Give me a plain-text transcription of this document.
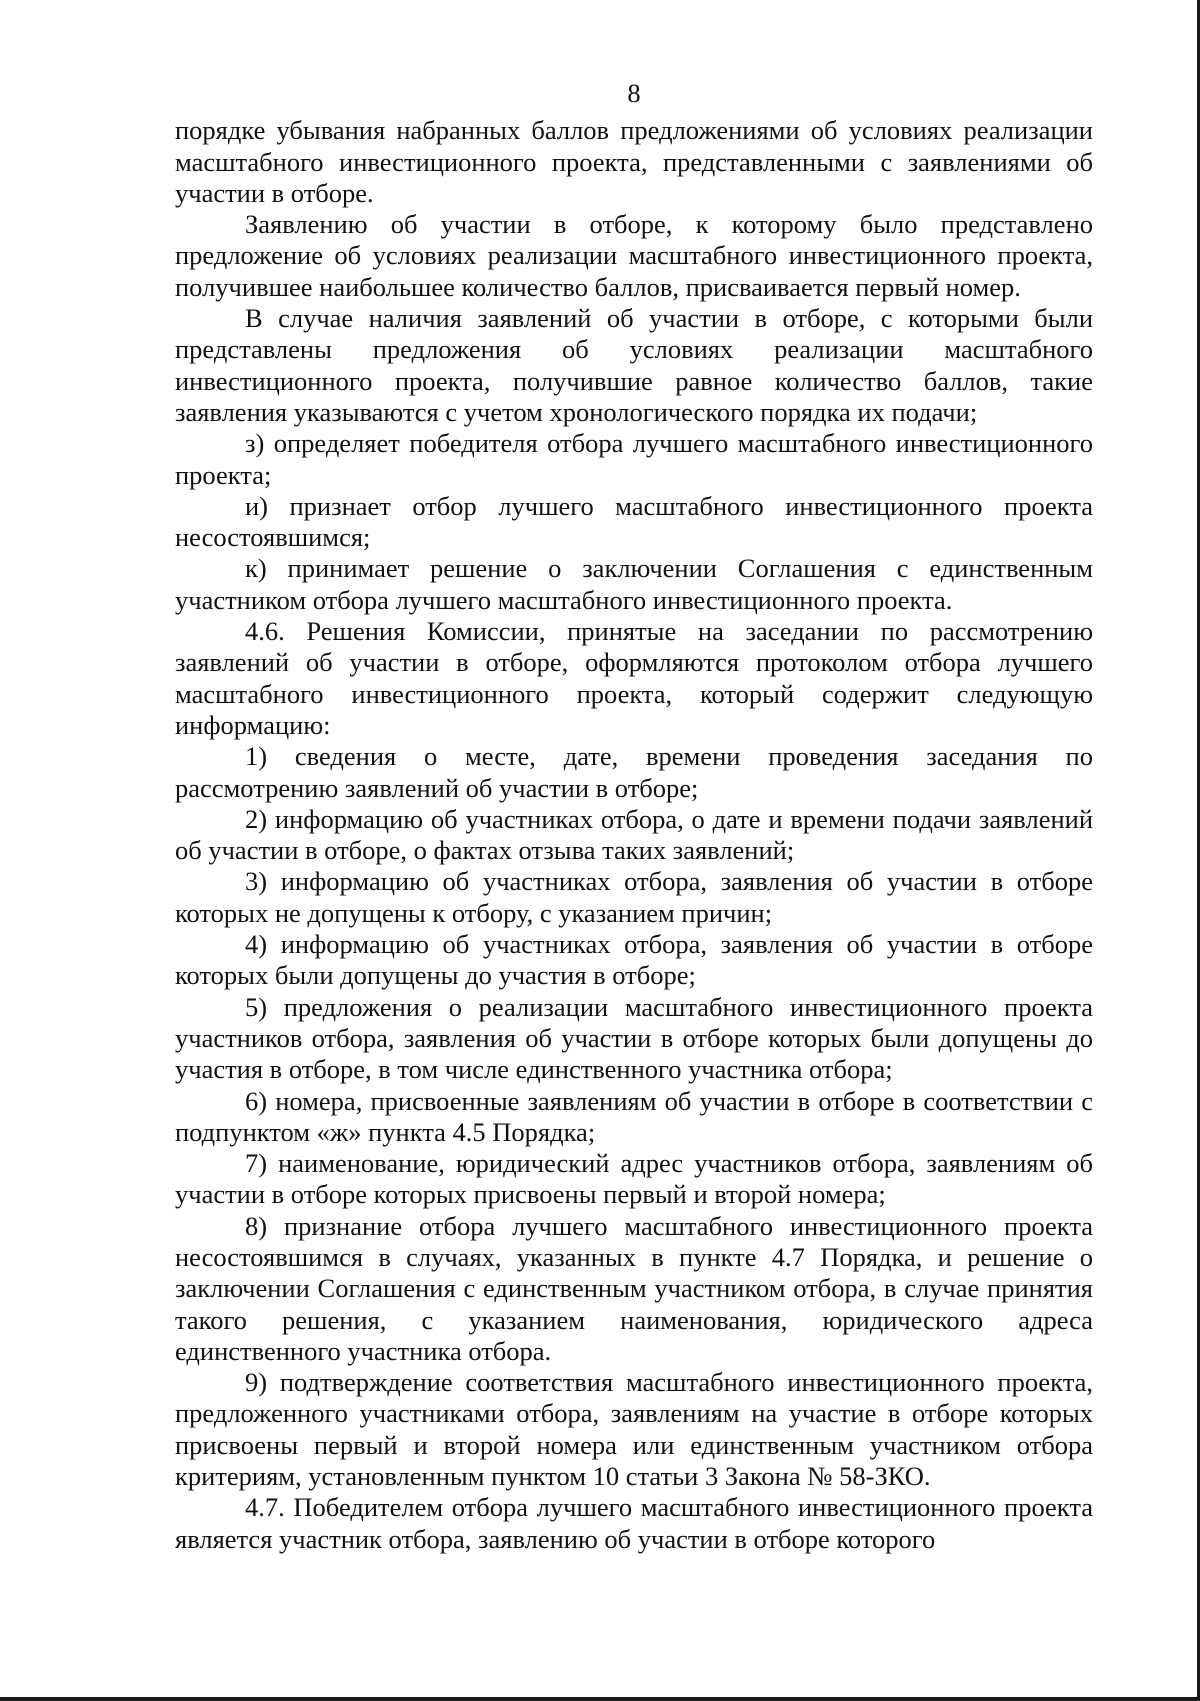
8

порядке убывания набранных баллов предложениями об условиях реализации масштабного инвестиционного проекта, представленными с заявлениями об участии в отборе.

Заявлению об участии в отборе, к которому было представлено предложение об условиях реализации масштабного инвестиционного проекта, получившее наибольшее количество баллов, присваивается первый номер.

В случае наличия заявлений об участии в отборе, с которыми были представлены предложения об условиях реализации масштабного инвестиционного проекта, получившие равное количество баллов, такие заявления указываются с учетом хронологического порядка их подачи;

з) определяет победителя отбора лучшего масштабного инвестиционного проекта;

и) признает отбор лучшего масштабного инвестиционного проекта несостоявшимся;

к) принимает решение о заключении Соглашения с единственным участником отбора лучшего масштабного инвестиционного проекта.

4.6. Решения Комиссии, принятые на заседании по рассмотрению заявлений об участии в отборе, оформляются протоколом отбора лучшего масштабного инвестиционного проекта, который содержит следующую информацию:

1) сведения о месте, дате, времени проведения заседания по рассмотрению заявлений об участии в отборе;

2) информацию об участниках отбора, о дате и времени подачи заявлений об участии в отборе, о фактах отзыва таких заявлений;

3) информацию об участниках отбора, заявления об участии в отборе которых не допущены к отбору, с указанием причин;

4) информацию об участниках отбора, заявления об участии в отборе которых были допущены до участия в отборе;

5) предложения о реализации масштабного инвестиционного проекта участников отбора, заявления об участии в отборе которых были допущены до участия в отборе, в том числе единственного участника отбора;

6) номера, присвоенные заявлениям об участии в отборе в соответствии с подпунктом «ж» пункта 4.5 Порядка;

7) наименование, юридический адрес участников отбора, заявлениям об участии в отборе которых присвоены первый и второй номера;

8) признание отбора лучшего масштабного инвестиционного проекта несостоявшимся в случаях, указанных в пункте 4.7 Порядка, и решение о заключении Соглашения с единственным участником отбора, в случае принятия такого решения, с указанием наименования, юридического адреса единственного участника отбора.

9) подтверждение соответствия масштабного инвестиционного проекта, предложенного участниками отбора, заявлениям на участие в отборе которых присвоены первый и второй номера или единственным участником отбора критериям, установленным пунктом 10 статьи 3 Закона № 58-ЗКО.

4.7. Победителем отбора лучшего масштабного инвестиционного проекта является участник отбора, заявлению об участии в отборе которого
